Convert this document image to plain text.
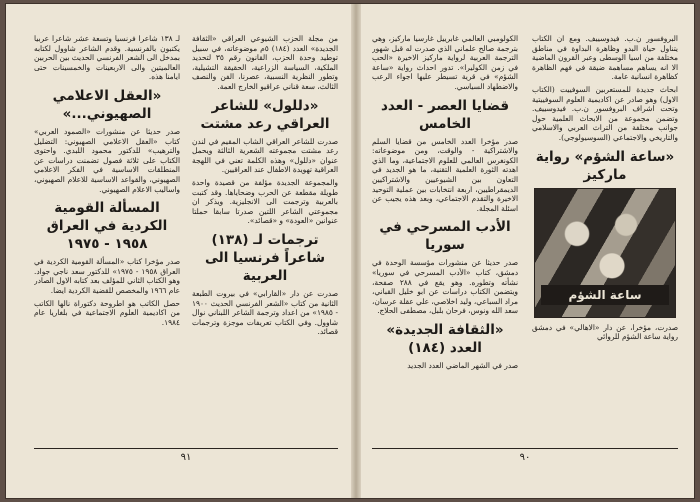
من مجلة الحزب الشيوعي العراقي «الثقافة الجديدة» العدد (١٨٤) ٥م موضوعاته، في سبيل توطيد وحدة الحزب، القانون رقم ٣٥ لتحديد الملكية، السياسة الزراعية، الحقيقة التشيلية، وتطور النظرية النسبية، عصرنا، الفن والنصف الثالث، سعة قناني عراقيو الخارج العمة.

«دللول» للشاعر العراقي رعد مشتت

صدرت للشاعر العراقي الشاب المقيم في لندن رعد مشتت مجموعته الشعرية الثالثة ويحمل عنوان «دللول» وهذه الكلمة تعني في اللهجة العراقية تهويدة الاطفال عند العراقيين.

والمجموعة الجديدة مؤلفة من قصيدة واحدة طويلة مقطعة عن الحرب وضحاياها. وقد كتبت بالعربية وترجمت الى الانجليزية. ويذكر ان مجموعتي الشاعر اللتين صدرتا سابقا حملتا عنوانين «العودة» و «قصائد».

ترجمات لـ (١٣٨) شاعراً فرنسيا الى العربية

صدرت عن دار «القارابي» في بيروت الطبعة الثانية من كتاب «الشعر الفرنسي الحديث ١٩٠٠ - ١٩٨٥» من اعداد وترجمة الشاعر اللبناني نوال شاوول. وفي الكتاب تعريفات موجزة وترجمات قصائد.

لـ ١٣٨ شاعرا فرنسيا وتسعة عشر شاعرا عربيا يكتبون بالفرنسية. وقدم الشاعر شاوول لكتابه بمدخل الى الشعر الفرنسي الحديث بين الحربين العالميتين والى الاربعينات والخمسينات حتى ايامنا هذه.

«العقل الاعلامي الصهيوني...»

صدر حديثا عن منشورات «الصمود العربي» كتاب «العقل الاعلامي الصهيوني: التضليل والترهيب» للدكتور محمود اللبدي. واحتوى الكتاب على ثلاثة فصول تضمنت دراسات عن المنطلقات الاساسية في الفكر الاعلامي الصهيوني، والقواعد الاساسية للاعلام الصهيوني، واساليب الاعلام الصهيوني.

المسألة القومية الكردية في العراق ١٩٥٨ - ١٩٧٥

صدر مؤخرا كتاب «المسألة القومية الكردية في العراق ١٩٥٨ - ١٩٧٥» للدكتور سعد ناجي جواد. وهو الكتاب الثاني للمؤلف بعد كتابه الاول الصادر عام ١٩٦٦ والمخصص للقضية الكردية ايضا.

حصل الكاتب هو اطروحة دكتوراة نالها الكاتب من اكاديمية العلوم الاجتماعية في بلغاريا عام ١٩٨٤.

٩١

البروفسور ن.ب. فيدوسييف. ومع ان الكتاب يتناول حياة البدو وظاهرة البداوة في مناطق مختلفة من اسيا الوسطى وعبر القرون الماضية الا انه يساهم مساهمة ضيقة في فهم الظاهرة كظاهرة انسانية عامة.

ابحاث جديدة للمستعربين السوفييت (الكتاب الاول) وهو صادر عن اكاديمية العلوم السوفييتية وتحت اشراف البروفسور ن.ب. فيدوسييف. وتضمن مجموعة من الابحاث العلمية حول جوانب مختلفة من التراث العربي والاسلامي والتاريخي والاجتماعي (السوسيولوجي).

«ساعة الشؤم» رواية ماركيز
ساعة الشؤم

صدرت، مؤخرا، عن دار «الاهالي» في دمشق رواية ساعة الشؤم للروائي

الكولومبي العالمي غابرييل غارسيا ماركيز، وهي بترجمة صالح علماني الذي صدرت له قبل شهور الترجمة العربية لرواية ماركيز الاخيرة «الحب في زمن الكوليرا». تدور احداث رواية «ساعة الشؤم» في قرية تسيطر عليها اجواء الرعب والاضطهاد السياسي.

قضايا العصر - العدد الخامس

صدر مؤخرا العدد الخامس من قضايا السلم والاشتراكية - والوقت، ومن موضوعاته: الكونغرس العالمي للعلوم الاجتماعية، وما الذي اهدته الثورة العلمية التقنية، ما هو الجديد في التعاون بين الشيوعيين والاشتراكيين الديمقراطيين، اربعة انتخابات بين عملية التوحيد الاخيرة والتقدم الاجتماعي، وبعد هذه يجيب عن اسئلة المجلة.

الأدب المسرحي في سوريا

صدر حديثا عن منشورات مؤسسة الوحدة في دمشق، كتاب «الأدب المسرحي في سوريا» نشأته وتطوره. وهو يقع في ٢٨٨ صفحة، ويتضمن الكتاب دراسات عن ابو خليل القباني، مراد السباعي، وليد اخلاصي، علي عقلة عرسان، سعد الله ونوس، فرحان بلبل، مصطفى الحلاج.

«الثقافة الجديدة» العدد (١٨٤)

صدر في الشهر الماضي العدد الجديد

٩٠
